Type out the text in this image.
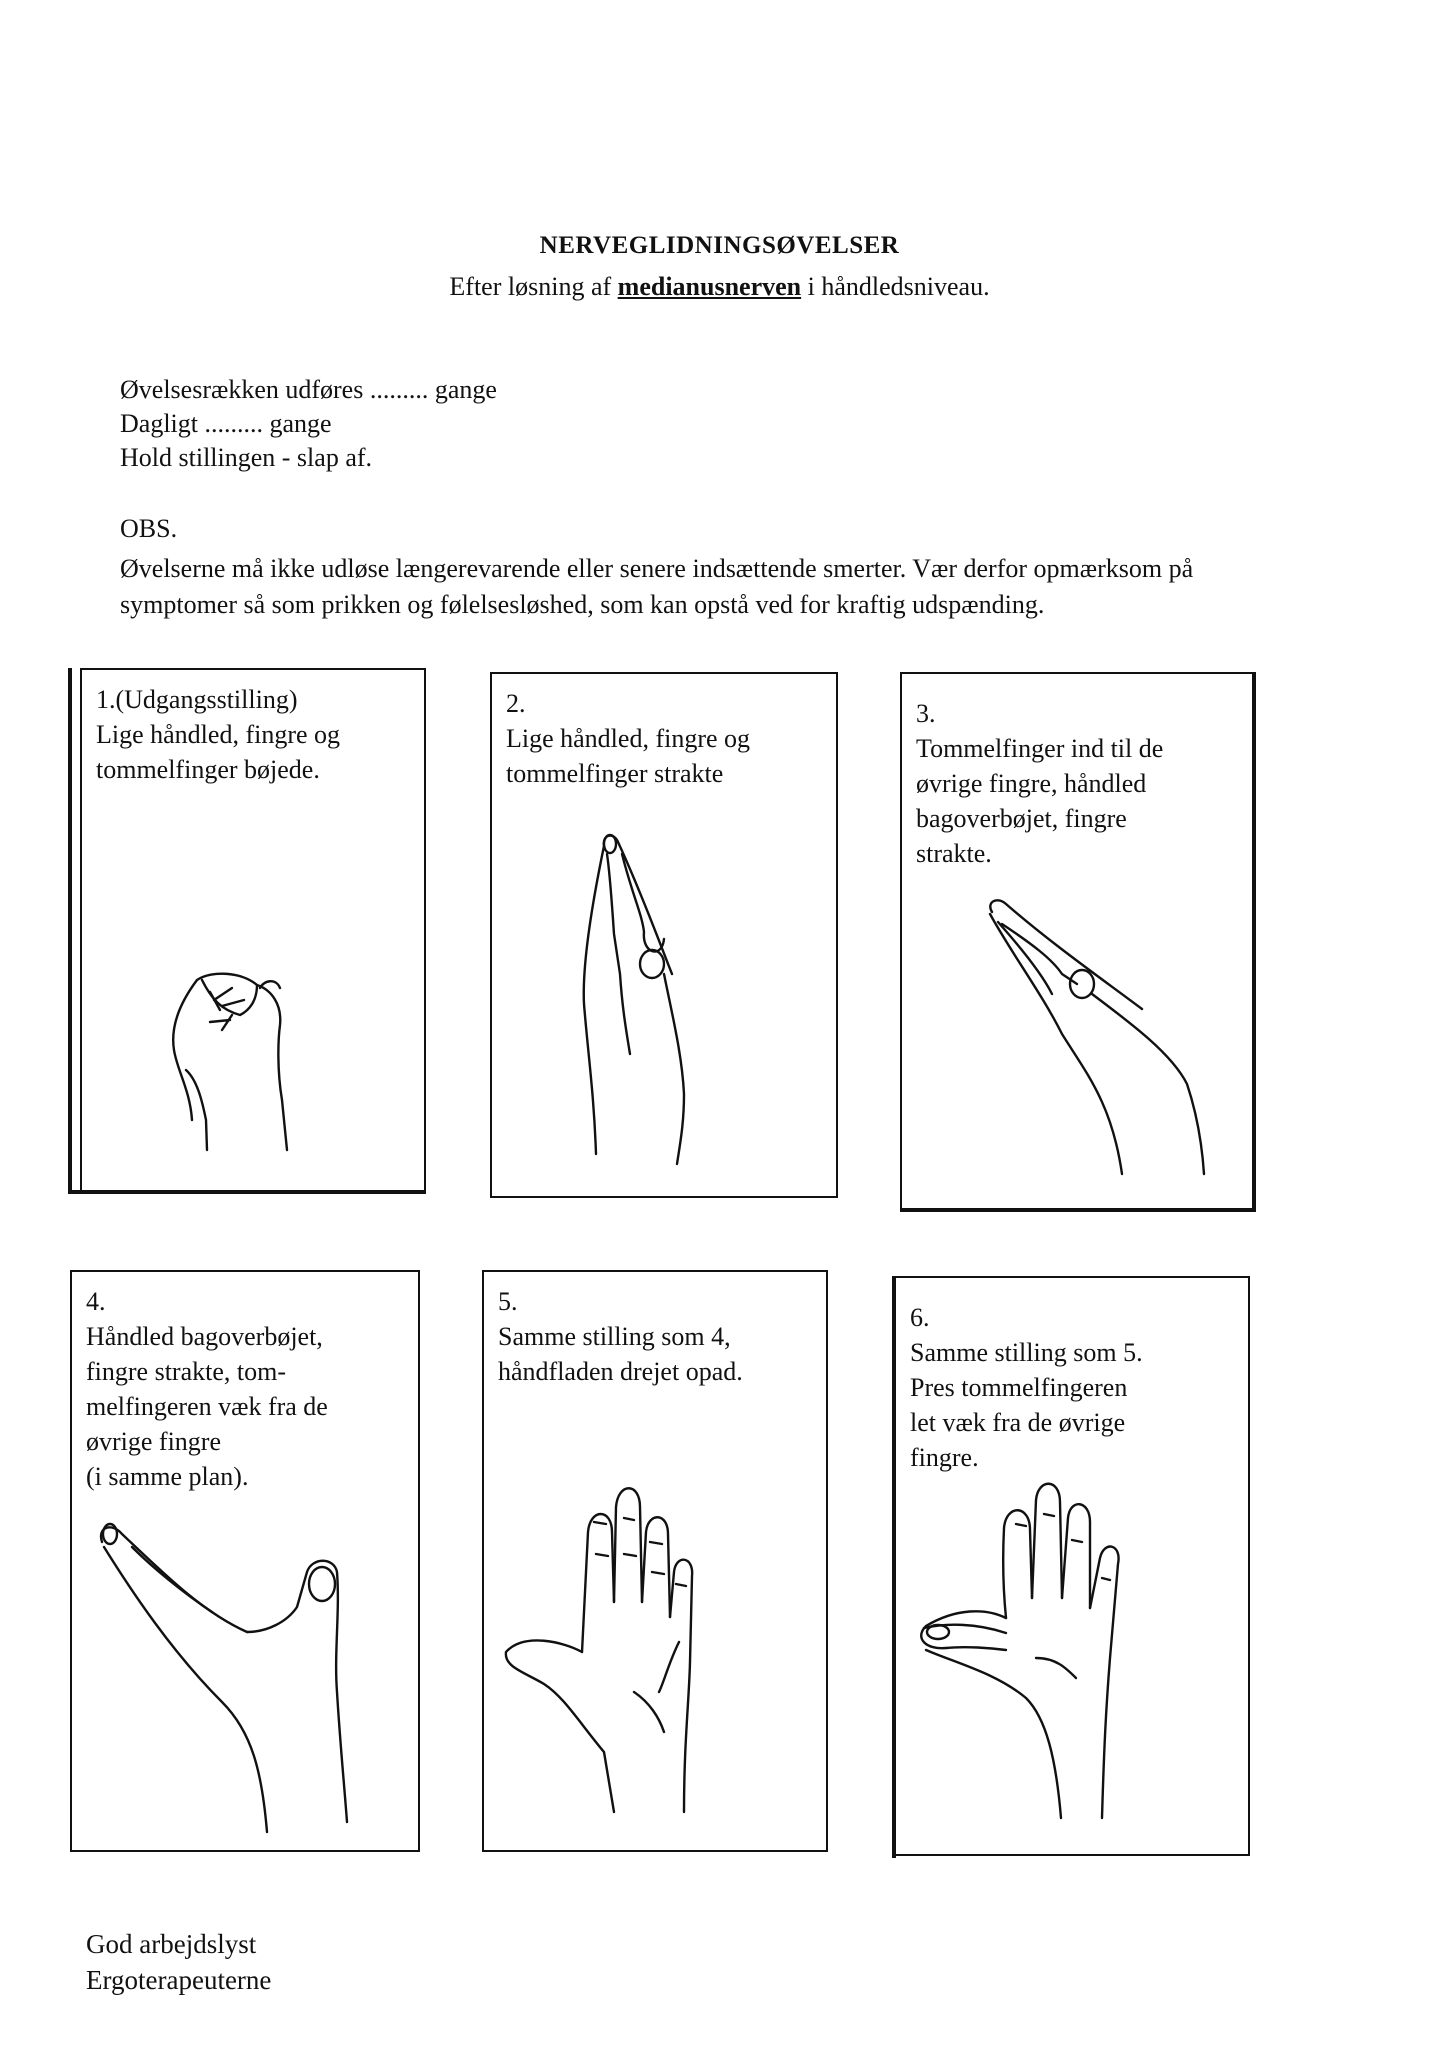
NERVEGLIDNINGSØVELSER
Efter løsning af medianusnerven i håndledsniveau.
Øvelsesrækken udføres ......... gange
Dagligt ......... gange
Hold stillingen - slap af.
OBS.
Øvelserne må ikke udløse længerevarende eller senere indsættende smerter. Vær derfor opmærksom på
symptomer så som prikken og følelsesløshed, som kan opstå ved for kraftig udspænding.
1.(Udgangsstilling)
Lige håndled, fingre og
tommelfinger bøjede.
2.
Lige håndled, fingre og
tommelfinger strakte
3.
Tommelfinger ind til de
øvrige fingre, håndled
bagoverbøjet, fingre
strakte.
4.
Håndled bagoverbøjet,
fingre strakte, tom-
melfingeren væk fra de
øvrige fingre
(i samme plan).
5.
Samme stilling som 4,
håndfladen drejet opad.
6.
Samme stilling som 5.
Pres tommelfingeren
let væk fra de øvrige
fingre.
God arbejdslyst
Ergoterapeuterne
